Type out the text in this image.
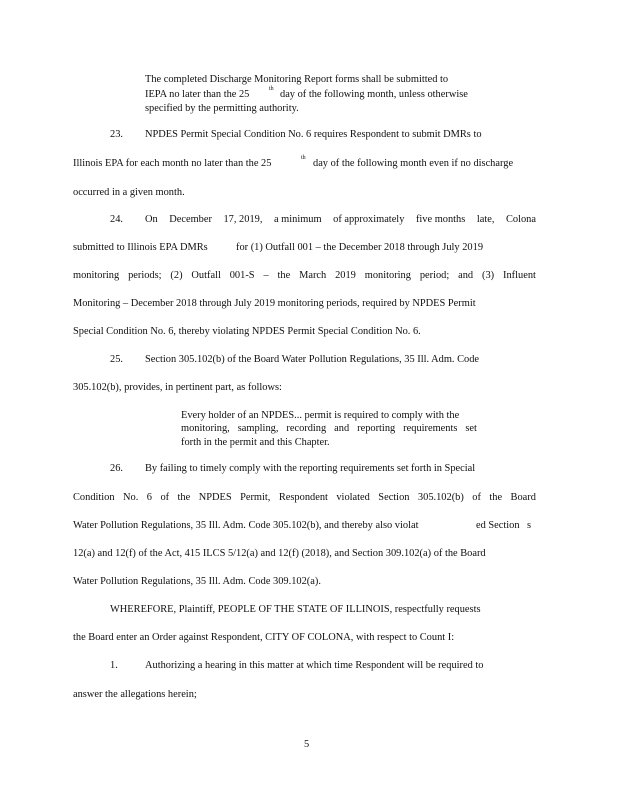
The completed Discharge Monitoring Report forms shall be submitted to
IEPA no later than the 25	th day of the following month, unless otherwise
specified by the permitting authority.
23. NPDES Permit Special Condition No. 6 requires Respondent to submit DMRs to
Illinois EPA for each month no later than the 25	th day of the following month even if no discharge
occurred in a given month.
24. On December 17, 2019, a minimum of approximately five months late, Colona
submitted to Illinois EPA DMRs	for (1) Outfall 001 – the December 2018 through July 2019
monitoring periods; (2) Outfall 001-S – the March 2019 monitoring period; and (3) Influent
Monitoring – December 2018 through July 2019 monitoring periods, required by NPDES Permit
Special Condition No. 6, thereby violating NPDES Permit Special Condition No. 6.
25. Section 305.102(b) of the Board Water Pollution Regulations, 35 Ill. Adm. Code
305.102(b), provides, in pertinent part, as follows:
Every holder of an NPDES... permit is required to comply with the
monitoring, sampling, recording and reporting requirements set
forth in the permit and this Chapter.
26. By failing to timely comply with the reporting requirements set forth in Special
Condition No. 6 of the NPDES Permit, Respondent violated Section 305.102(b) of the Board
Water Pollution Regulations, 35 Ill. Adm. Code 305.102(b), and thereby also violat	ed Section s
12(a) and 12(f) of the Act, 415 ILCS 5/12(a) and 12(f) (2018), and Section 309.102(a) of the Board
Water Pollution Regulations, 35 Ill. Adm. Code 309.102(a).
WHEREFORE, Plaintiff, PEOPLE OF THE STATE OF ILLINOIS, respectfully requests
the Board enter an Order against Respondent, CITY OF COLONA, with respect to Count I:
1.	Authorizing a hearing in this matter at which time Respondent will be required to
answer the allegations herein;
5
